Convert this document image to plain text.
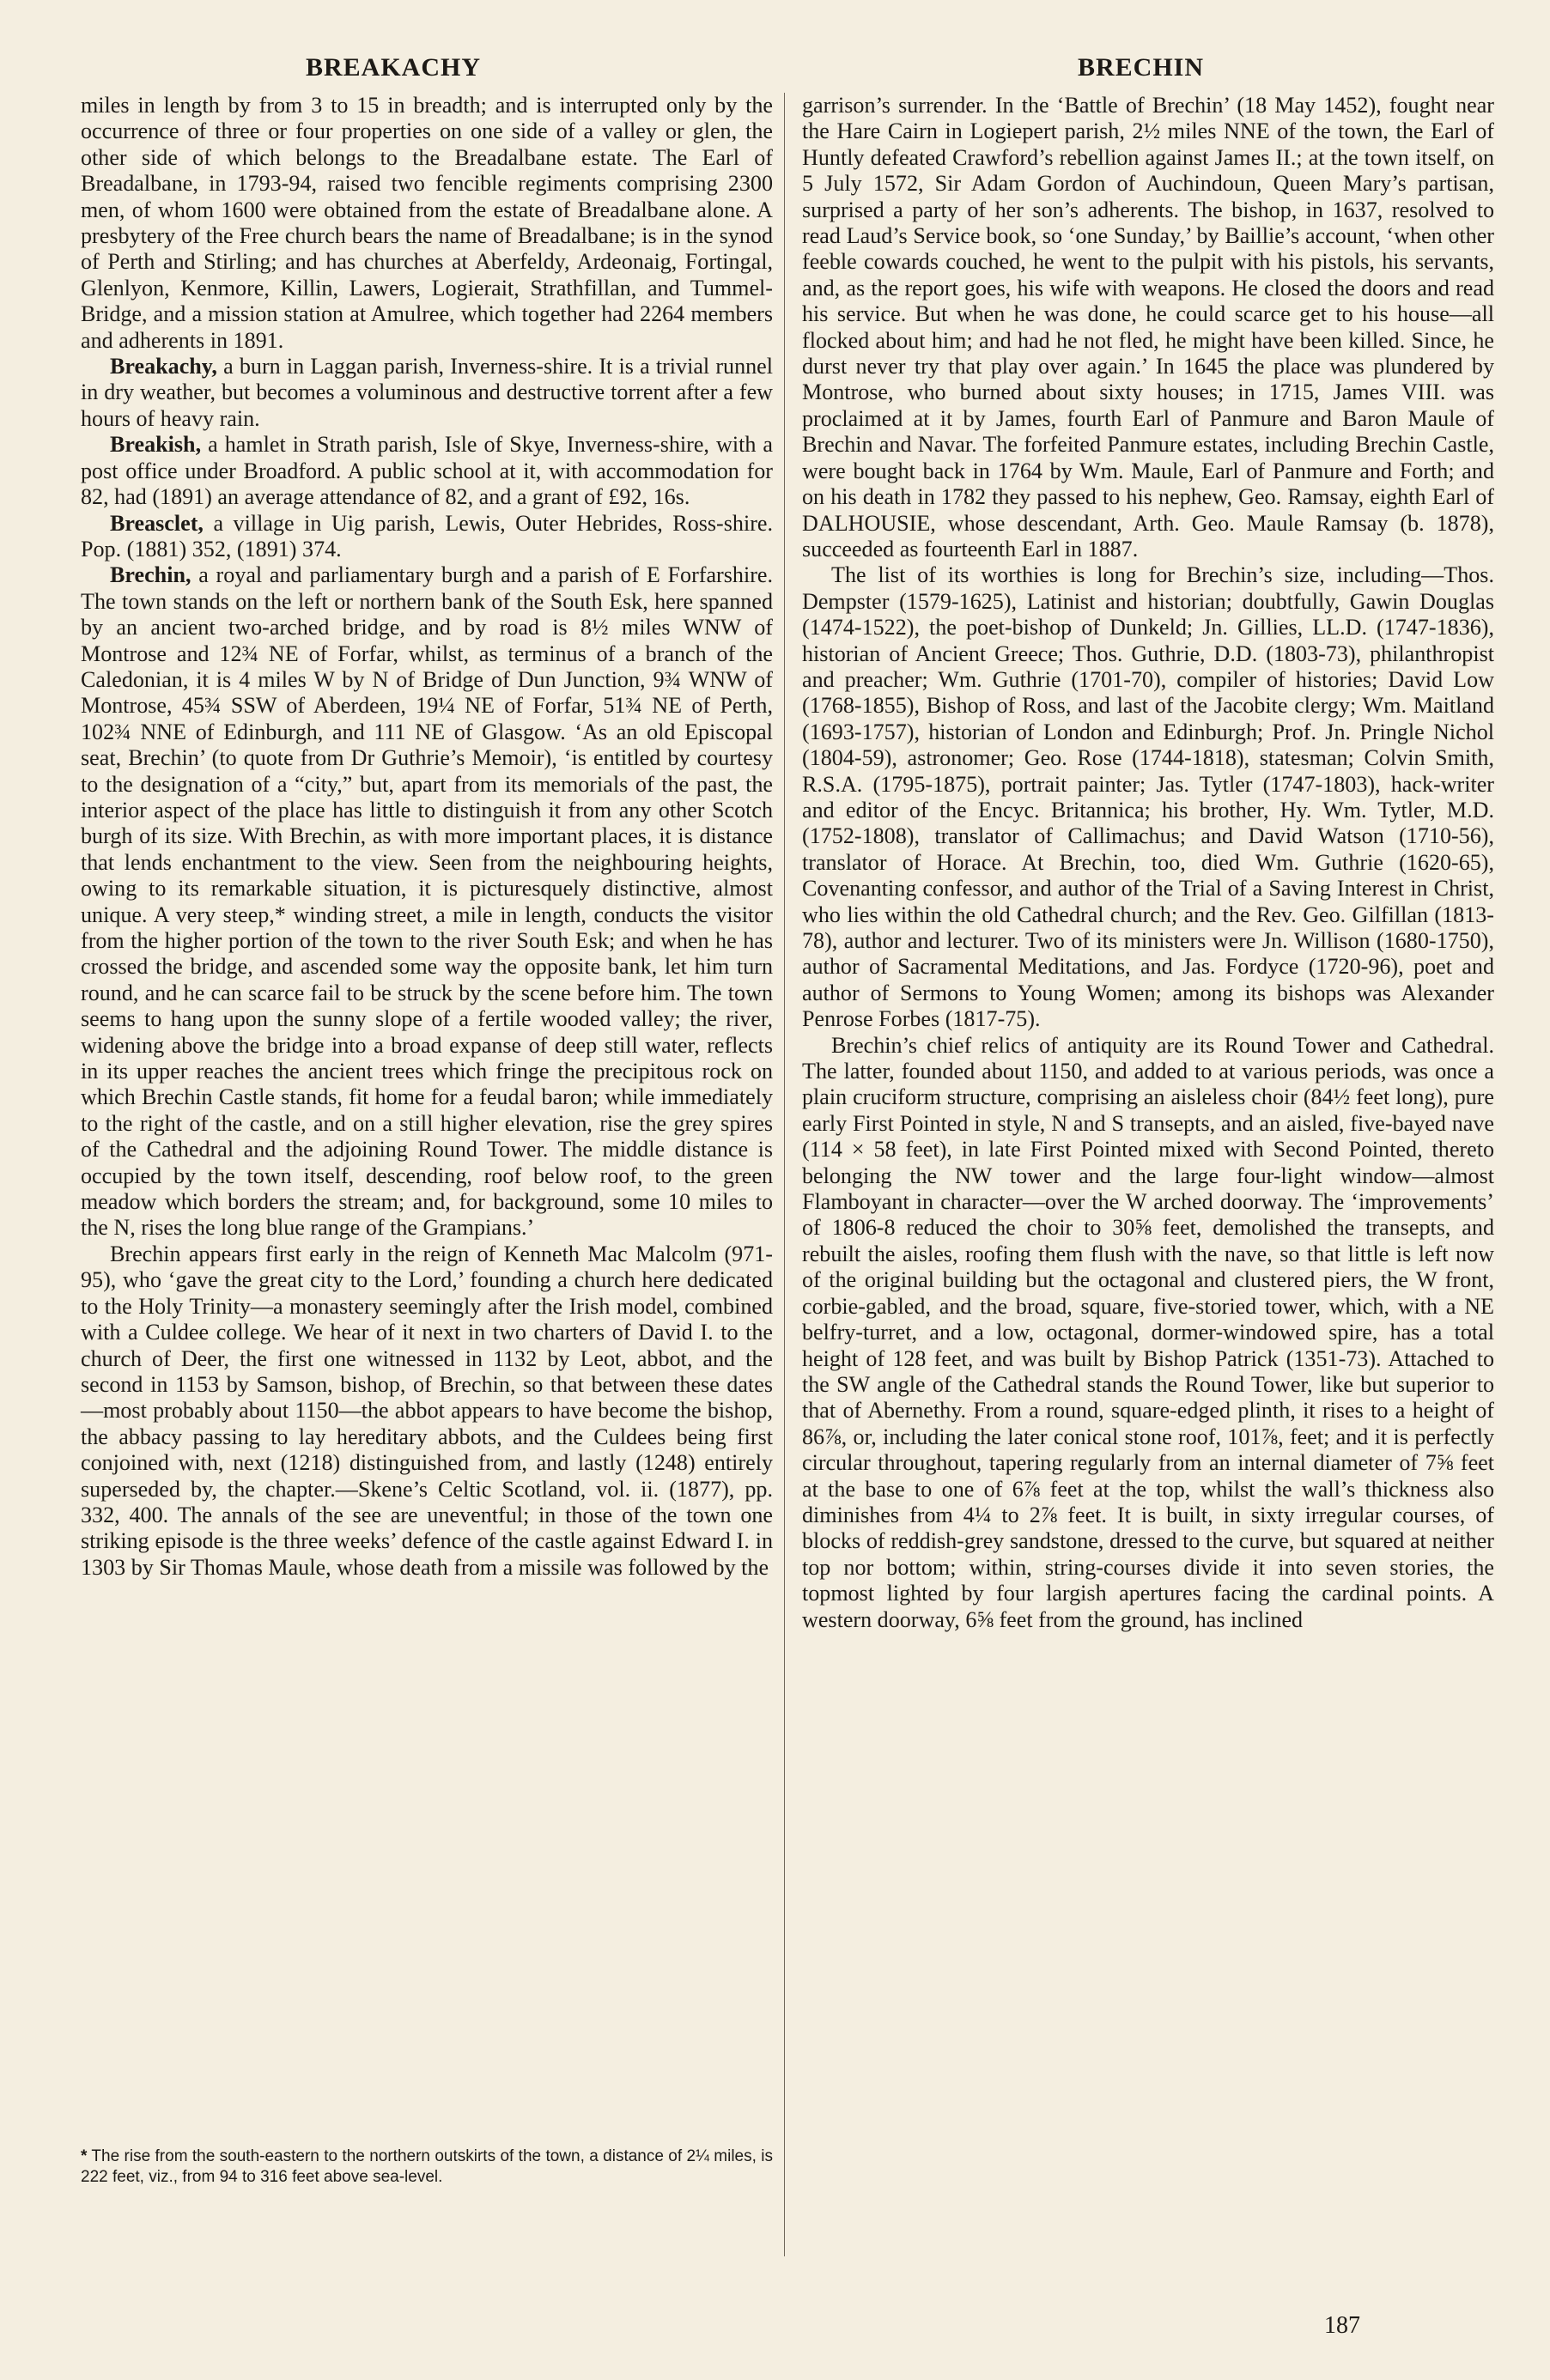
BREAKACHY	BRECHIN

miles in length by from 3 to 15 in breadth; and is interrupted only by the occurrence of three or four properties on one side of a valley or glen, the other side of which belongs to the Breadalbane estate. The Earl of Breadalbane, in 1793-94, raised two fencible regiments comprising 2300 men, of whom 1600 were obtained from the estate of Breadalbane alone. A presbytery of the Free church bears the name of Breadalbane; is in the synod of Perth and Stirling; and has churches at Aberfeldy, Ardeonaig, Fortingal, Glenlyon, Kenmore, Killin, Lawers, Logierait, Strathfillan, and Tummel-Bridge, and a mission station at Amulree, which together had 2264 members and adherents in 1891.

Breakachy, a burn in Laggan parish, Inverness-shire. It is a trivial runnel in dry weather, but becomes a voluminous and destructive torrent after a few hours of heavy rain.

Breakish, a hamlet in Strath parish, Isle of Skye, Inverness-shire, with a post office under Broadford. A public school at it, with accommodation for 82, had (1891) an average attendance of 82, and a grant of £92, 16s.

Breasclet, a village in Uig parish, Lewis, Outer Hebrides, Ross-shire. Pop. (1881) 352, (1891) 374.

Brechin, a royal and parliamentary burgh and a parish of E Forfarshire. The town stands on the left or northern bank of the South Esk, here spanned by an ancient two-arched bridge, and by road is 8½ miles WNW of Montrose and 12¾ NE of Forfar, whilst, as terminus of a branch of the Caledonian, it is 4 miles W by N of Bridge of Dun Junction, 9¾ WNW of Montrose, 45¾ SSW of Aberdeen, 19¼ NE of Forfar, 51¾ NE of Perth, 102¾ NNE of Edinburgh, and 111 NE of Glasgow. ‘As an old Episcopal seat, Brechin’ (to quote from Dr Guthrie’s Memoir), ‘is entitled by courtesy to the designation of a “city,” but, apart from its memorials of the past, the interior aspect of the place has little to distinguish it from any other Scotch burgh of its size. With Brechin, as with more important places, it is distance that lends enchantment to the view. Seen from the neighbouring heights, owing to its remarkable situation, it is picturesquely distinctive, almost unique. A very steep,* winding street, a mile in length, conducts the visitor from the higher portion of the town to the river South Esk; and when he has crossed the bridge, and ascended some way the opposite bank, let him turn round, and he can scarce fail to be struck by the scene before him. The town seems to hang upon the sunny slope of a fertile wooded valley; the river, widening above the bridge into a broad expanse of deep still water, reflects in its upper reaches the ancient trees which fringe the precipitous rock on which Brechin Castle stands, fit home for a feudal baron; while immediately to the right of the castle, and on a still higher elevation, rise the grey spires of the Cathedral and the adjoining Round Tower. The middle distance is occupied by the town itself, descending, roof below roof, to the green meadow which borders the stream; and, for background, some 10 miles to the N, rises the long blue range of the Grampians.’

Brechin appears first early in the reign of Kenneth Mac Malcolm (971-95), who ‘gave the great city to the Lord,’ founding a church here dedicated to the Holy Trinity—a monastery seemingly after the Irish model, combined with a Culdee college. We hear of it next in two charters of David I. to the church of Deer, the first one witnessed in 1132 by Leot, abbot, and the second in 1153 by Samson, bishop, of Brechin, so that between these dates—most probably about 1150—the abbot appears to have become the bishop, the abbacy passing to lay hereditary abbots, and the Culdees being first conjoined with, next (1218) distinguished from, and lastly (1248) entirely superseded by, the chapter.—Skene’s Celtic Scotland, vol. ii. (1877), pp. 332, 400. The annals of the see are uneventful; in those of the town one striking episode is the three weeks’ defence of the castle against Edward I. in 1303 by Sir Thomas Maule, whose death from a missile was followed by the

* The rise from the south-eastern to the northern outskirts of the town, a distance of 2¼ miles, is 222 feet, viz., from 94 to 316 feet above sea-level.

garrison’s surrender. In the ‘Battle of Brechin’ (18 May 1452), fought near the Hare Cairn in Logiepert parish, 2½ miles NNE of the town, the Earl of Huntly defeated Crawford’s rebellion against James II.; at the town itself, on 5 July 1572, Sir Adam Gordon of Auchindoun, Queen Mary’s partisan, surprised a party of her son’s adherents. The bishop, in 1637, resolved to read Laud’s Service book, so ‘one Sunday,’ by Baillie’s account, ‘when other feeble cowards couched, he went to the pulpit with his pistols, his servants, and, as the report goes, his wife with weapons. He closed the doors and read his service. But when he was done, he could scarce get to his house—all flocked about him; and had he not fled, he might have been killed. Since, he durst never try that play over again.’ In 1645 the place was plundered by Montrose, who burned about sixty houses; in 1715, James VIII. was proclaimed at it by James, fourth Earl of Panmure and Baron Maule of Brechin and Navar. The forfeited Panmure estates, including Brechin Castle, were bought back in 1764 by Wm. Maule, Earl of Panmure and Forth; and on his death in 1782 they passed to his nephew, Geo. Ramsay, eighth Earl of DALHOUSIE, whose descendant, Arth. Geo. Maule Ramsay (b. 1878), succeeded as fourteenth Earl in 1887.

The list of its worthies is long for Brechin’s size, including—Thos. Dempster (1579-1625), Latinist and historian; doubtfully, Gawin Douglas (1474-1522), the poet-bishop of Dunkeld; Jn. Gillies, LL.D. (1747-1836), historian of Ancient Greece; Thos. Guthrie, D.D. (1803-73), philanthropist and preacher; Wm. Guthrie (1701-70), compiler of histories; David Low (1768-1855), Bishop of Ross, and last of the Jacobite clergy; Wm. Maitland (1693-1757), historian of London and Edinburgh; Prof. Jn. Pringle Nichol (1804-59), astronomer; Geo. Rose (1744-1818), statesman; Colvin Smith, R.S.A. (1795-1875), portrait painter; Jas. Tytler (1747-1803), hack-writer and editor of the Encyc. Britannica; his brother, Hy. Wm. Tytler, M.D. (1752-1808), translator of Callimachus; and David Watson (1710-56), translator of Horace. At Brechin, too, died Wm. Guthrie (1620-65), Covenanting confessor, and author of the Trial of a Saving Interest in Christ, who lies within the old Cathedral church; and the Rev. Geo. Gilfillan (1813-78), author and lecturer. Two of its ministers were Jn. Willison (1680-1750), author of Sacramental Meditations, and Jas. Fordyce (1720-96), poet and author of Sermons to Young Women; among its bishops was Alexander Penrose Forbes (1817-75).

Brechin’s chief relics of antiquity are its Round Tower and Cathedral. The latter, founded about 1150, and added to at various periods, was once a plain cruciform structure, comprising an aisleless choir (84½ feet long), pure early First Pointed in style, N and S transepts, and an aisled, five-bayed nave (114 × 58 feet), in late First Pointed mixed with Second Pointed, thereto belonging the NW tower and the large four-light window—almost Flamboyant in character—over the W arched doorway. The ‘improvements’ of 1806-8 reduced the choir to 30⅝ feet, demolished the transepts, and rebuilt the aisles, roofing them flush with the nave, so that little is left now of the original building but the octagonal and clustered piers, the W front, corbie-gabled, and the broad, square, five-storied tower, which, with a NE belfry-turret, and a low, octagonal, dormer-windowed spire, has a total height of 128 feet, and was built by Bishop Patrick (1351-73). Attached to the SW angle of the Cathedral stands the Round Tower, like but superior to that of Abernethy. From a round, square-edged plinth, it rises to a height of 86⅞, or, including the later conical stone roof, 101⅞, feet; and it is perfectly circular throughout, tapering regularly from an internal diameter of 7⅝ feet at the base to one of 6⅞ feet at the top, whilst the wall’s thickness also diminishes from 4¼ to 2⅞ feet. It is built, in sixty irregular courses, of blocks of reddish-grey sandstone, dressed to the curve, but squared at neither top nor bottom; within, string-courses divide it into seven stories, the topmost lighted by four largish apertures facing the cardinal points. A western doorway, 6⅝ feet from the ground, has inclined

187
